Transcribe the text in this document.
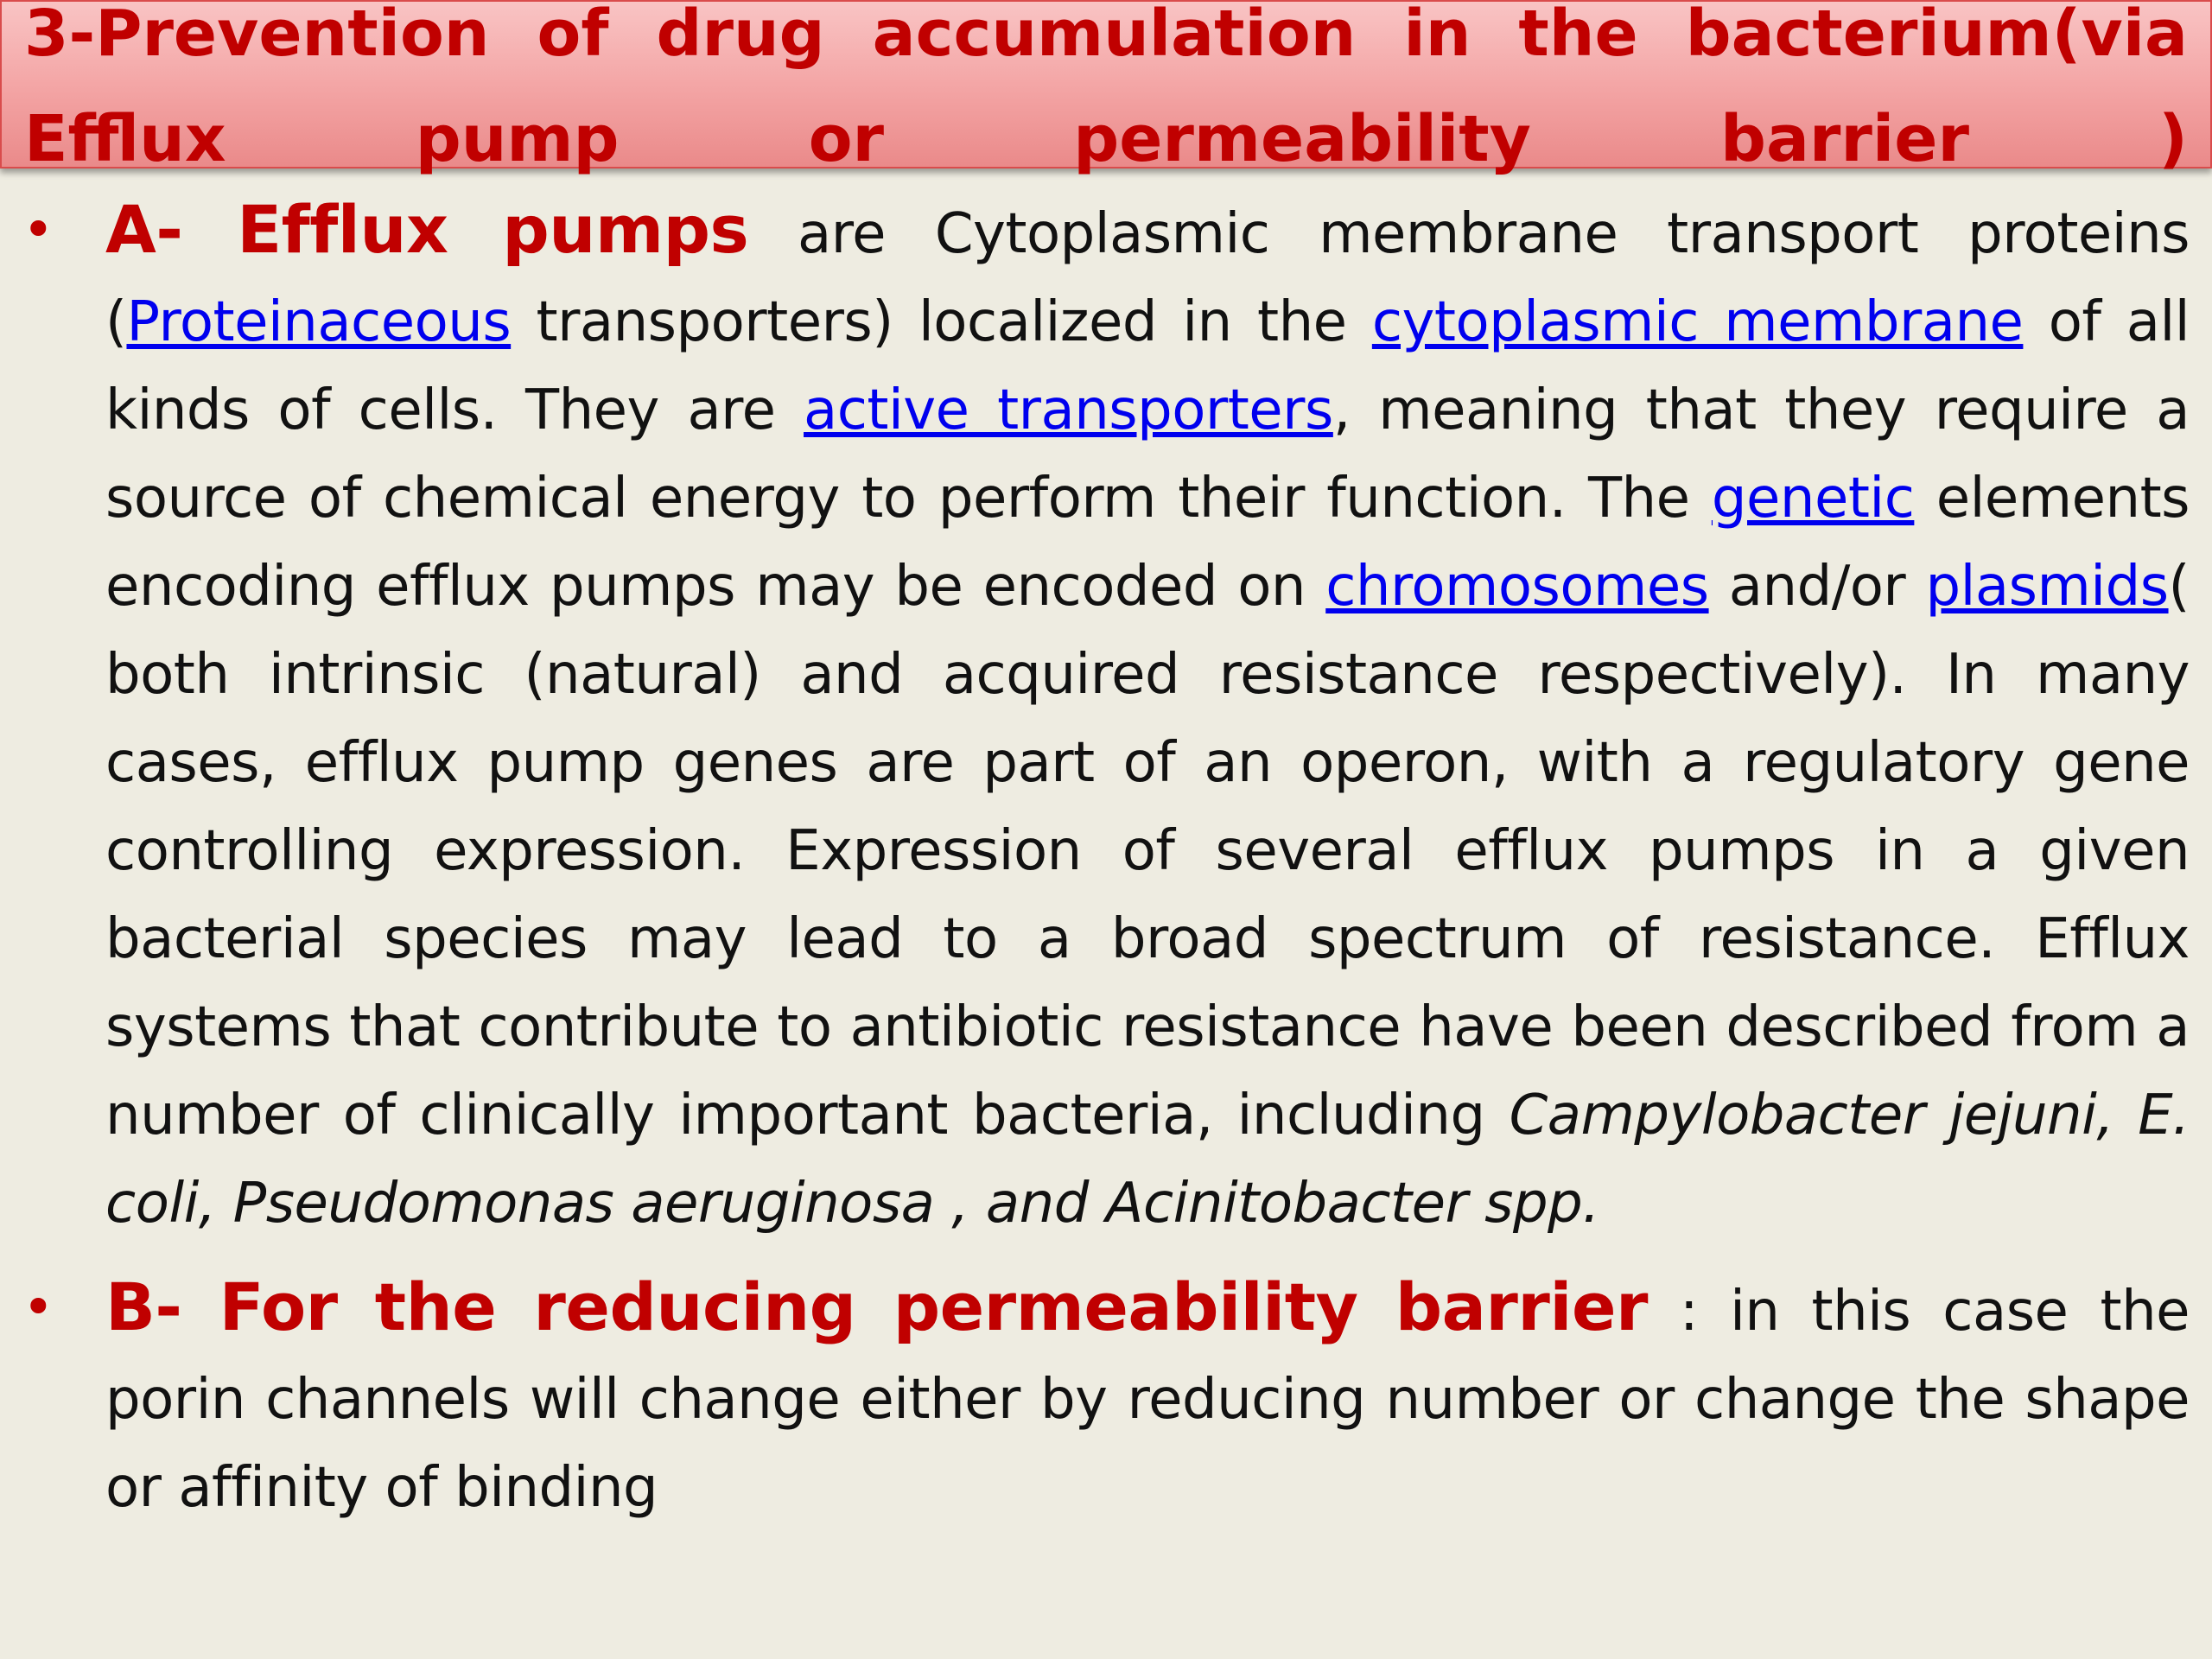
3-Prevention of drug accumulation in the bacterium(via

Efflux pump or permeability barrier )

• A- Efflux pumps are Cytoplasmic membrane transport proteins (Proteinaceous transporters) localized in the cytoplasmic membrane of all kinds of cells. They are active transporters, meaning that they require a source of chemical energy to perform their function. The genetic elements encoding efflux pumps may be encoded on chromosomes and/or plasmids( both intrinsic (natural) and acquired resistance respectively). In many cases, efflux pump genes are part of an operon, with a regulatory gene controlling expression. Expression of several efflux pumps in a given bacterial species may lead to a broad spectrum of resistance. Efflux systems that contribute to antibiotic resistance have been described from a number of clinically important bacteria, including Campylobacter jejuni, E. coli, Pseudomonas aeruginosa , and Acinitobacter spp.

• B- For the reducing permeability barrier : in this case the porin channels will change either by reducing number or change the shape or affinity of binding
